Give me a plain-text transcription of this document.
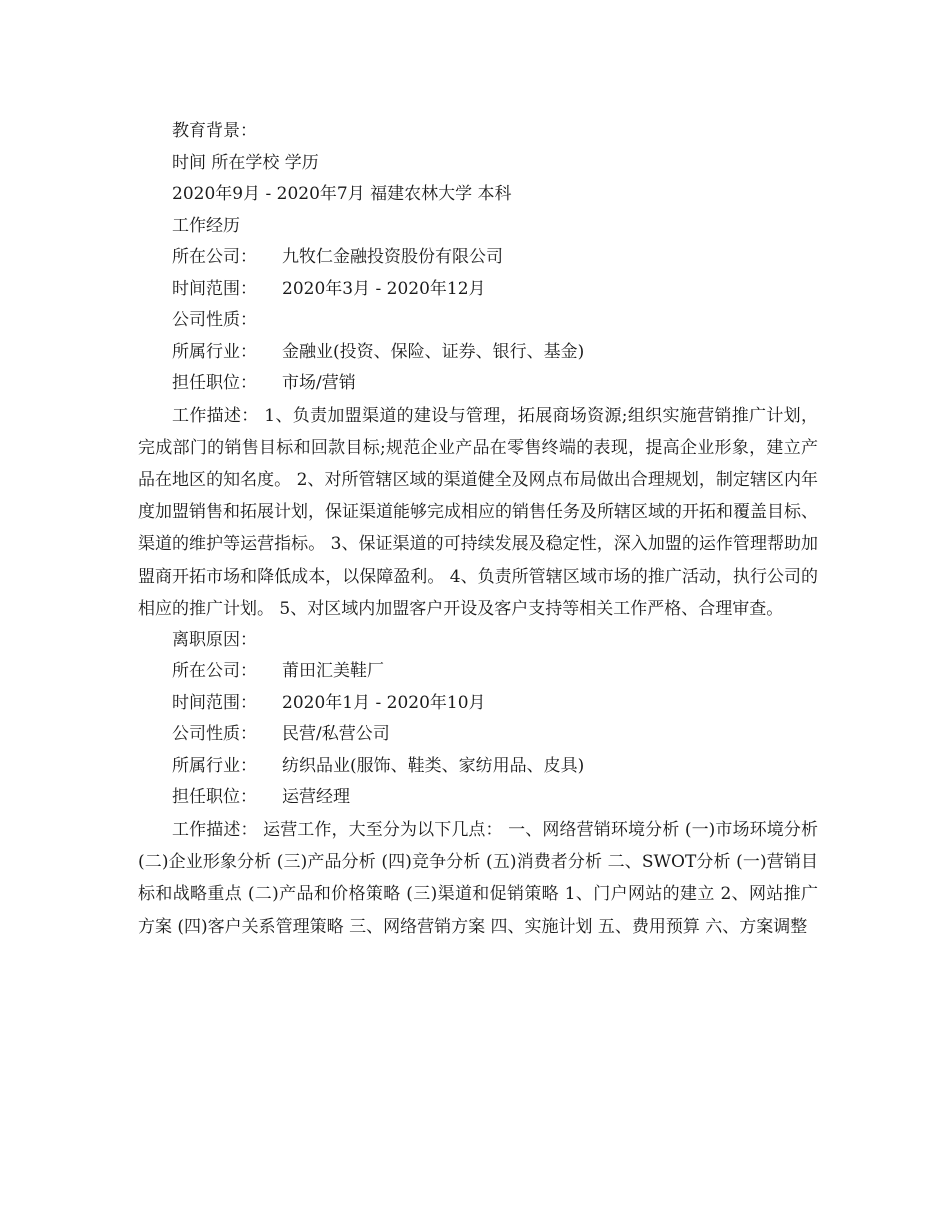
教育背景：
时间 所在学校 学历
2020年9月 - 2020年7月 福建农林大学 本科
工作经历
所在公司： 九牧仁金融投资股份有限公司
时间范围： 2020年3月 - 2020年12月
公司性质：
所属行业： 金融业(投资、保险、证券、银行、基金)
担任职位： 市场/营销
工作描述： 1、负责加盟渠道的建设与管理，拓展商场资源;组织实施营销推广计划，完成部门的销售目标和回款目标;规范企业产品在零售终端的表现，提高企业形象，建立产品在地区的知名度。 2、对所管辖区域的渠道健全及网点布局做出合理规划，制定辖区内年度加盟销售和拓展计划，保证渠道能够完成相应的销售任务及所辖区域的开拓和覆盖目标、渠道的维护等运营指标。 3、保证渠道的可持续发展及稳定性，深入加盟的运作管理帮助加盟商开拓市场和降低成本，以保障盈利。 4、负责所管辖区域市场的推广活动，执行公司的相应的推广计划。 5、对区域内加盟客户开设及客户支持等相关工作严格、合理审查。
离职原因：
所在公司： 莆田汇美鞋厂
时间范围： 2020年1月 - 2020年10月
公司性质： 民营/私营公司
所属行业： 纺织品业(服饰、鞋类、家纺用品、皮具)
担任职位： 运营经理
工作描述： 运营工作，大至分为以下几点： 一、网络营销环境分析 (一)市场环境分析 (二)企业形象分析 (三)产品分析 (四)竞争分析 (五)消费者分析 二、SWOT分析 (一)营销目标和战略重点 (二)产品和价格策略 (三)渠道和促销策略 1、门户网站的建立 2、网站推广方案 (四)客户关系管理策略 三、网络营销方案 四、实施计划 五、费用预算 六、方案调整
